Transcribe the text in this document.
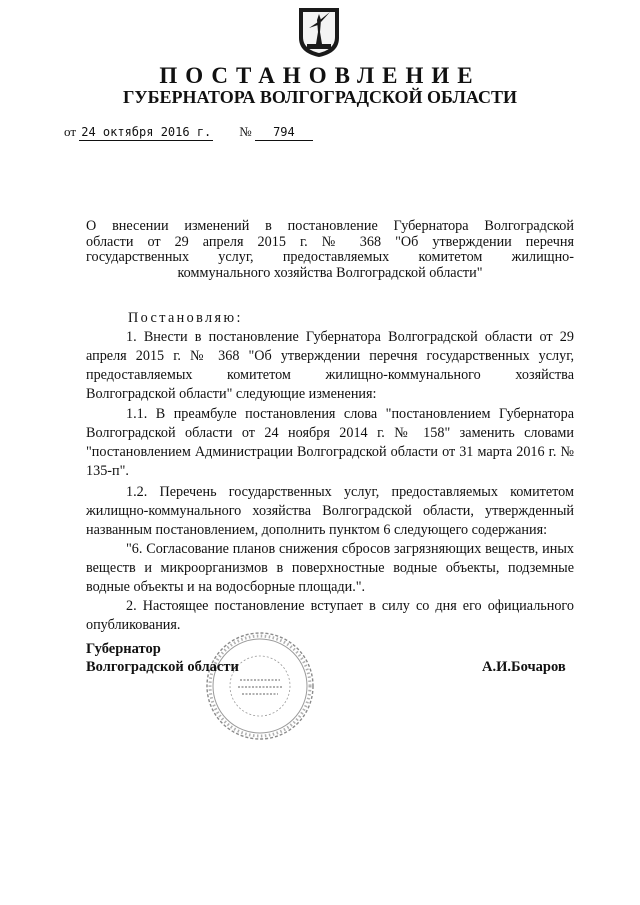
ПОСТАНОВЛЕНИЕ
ГУБЕРНАТОРА ВОЛГОГРАДСКОЙ ОБЛАСТИ
от 24 октября 2016 г. № 794
О внесении изменений в постановление Губернатора Волгоградской
области от 29 апреля 2015 г. № 368 "Об утверждении перечня
государственных услуг, предоставляемых комитетом жилищно-
коммунального хозяйства Волгоградской области"
Постановляю:
1. Внести в постановление Губернатора Волгоградской области от 29 апреля 2015 г. № 368 "Об утверждении перечня государственных услуг, предоставляемых комитетом жилищно-коммунального хозяйства Волгоградской области" следующие изменения:
1.1. В преамбуле постановления слова "постановлением Губернатора Волгоградской области от 24 ноября 2014 г. № 158" заменить словами "постановлением Администрации Волгоградской области от 31 марта 2016 г. № 135-п".
1.2. Перечень государственных услуг, предоставляемых комитетом жилищно-коммунального хозяйства Волгоградской области, утвержденный названным постановлением, дополнить пунктом 6 следующего содержания:
"6. Согласование планов снижения сбросов загрязняющих веществ, иных веществ и микроорганизмов в поверхностные водные объекты, подземные водные объекты и на водосборные площади.".
2. Настоящее постановление вступает в силу со дня его официального опубликования.
Губернатор
Волгоградской области	А.И.Бочаров
